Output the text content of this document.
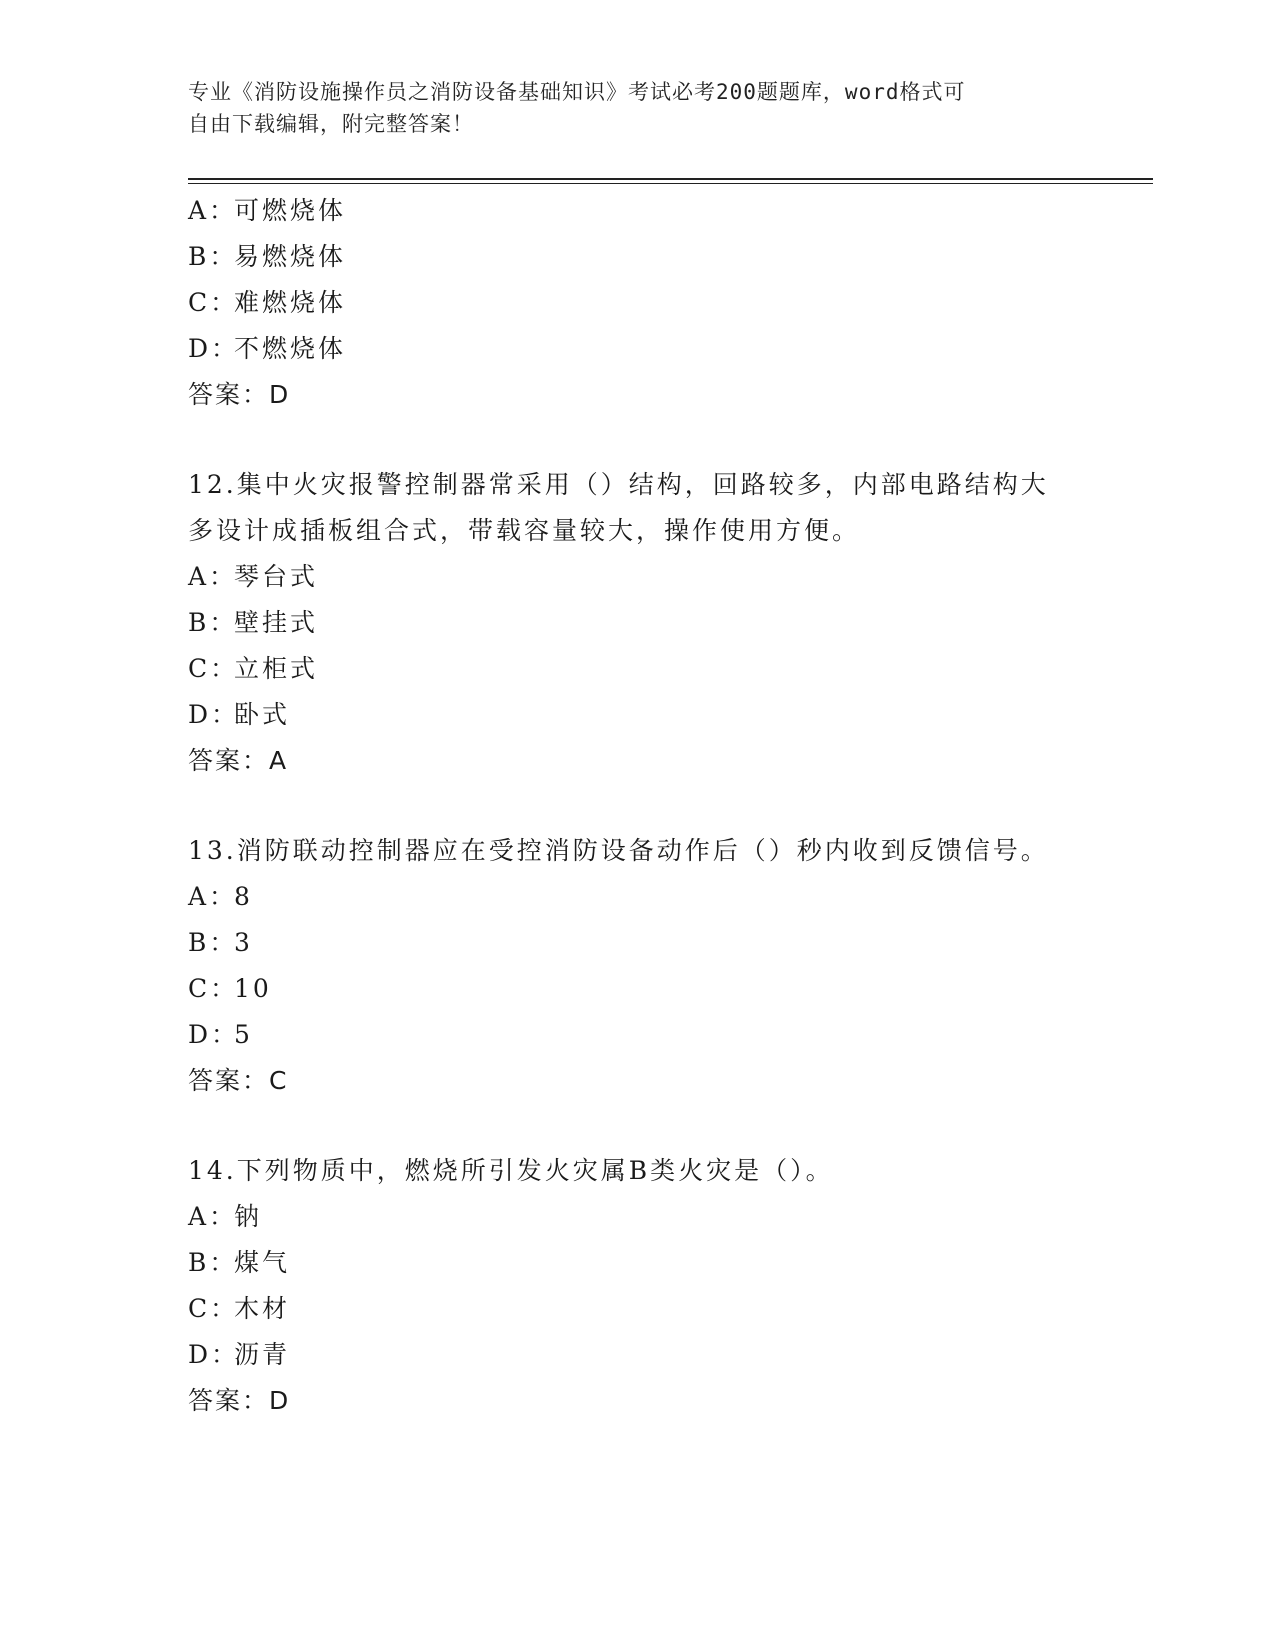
专业《消防设施操作员之消防设备基础知识》考试必考200题题库，word格式可
自由下载编辑，附完整答案！
A：可燃烧体
B：易燃烧体
C：难燃烧体
D：不燃烧体
答案：D
12.集中火灾报警控制器常采用（）结构，回路较多，内部电路结构大
多设计成插板组合式，带载容量较大，操作使用方便。
A：琴台式
B：壁挂式
C：立柜式
D：卧式
答案：A
13.消防联动控制器应在受控消防设备动作后（）秒内收到反馈信号。
A：8
B：3
C：10
D：5
答案：C
14.下列物质中，燃烧所引发火灾属B类火灾是（）。
A：钠
B：煤气
C：木材
D：沥青
答案：D
